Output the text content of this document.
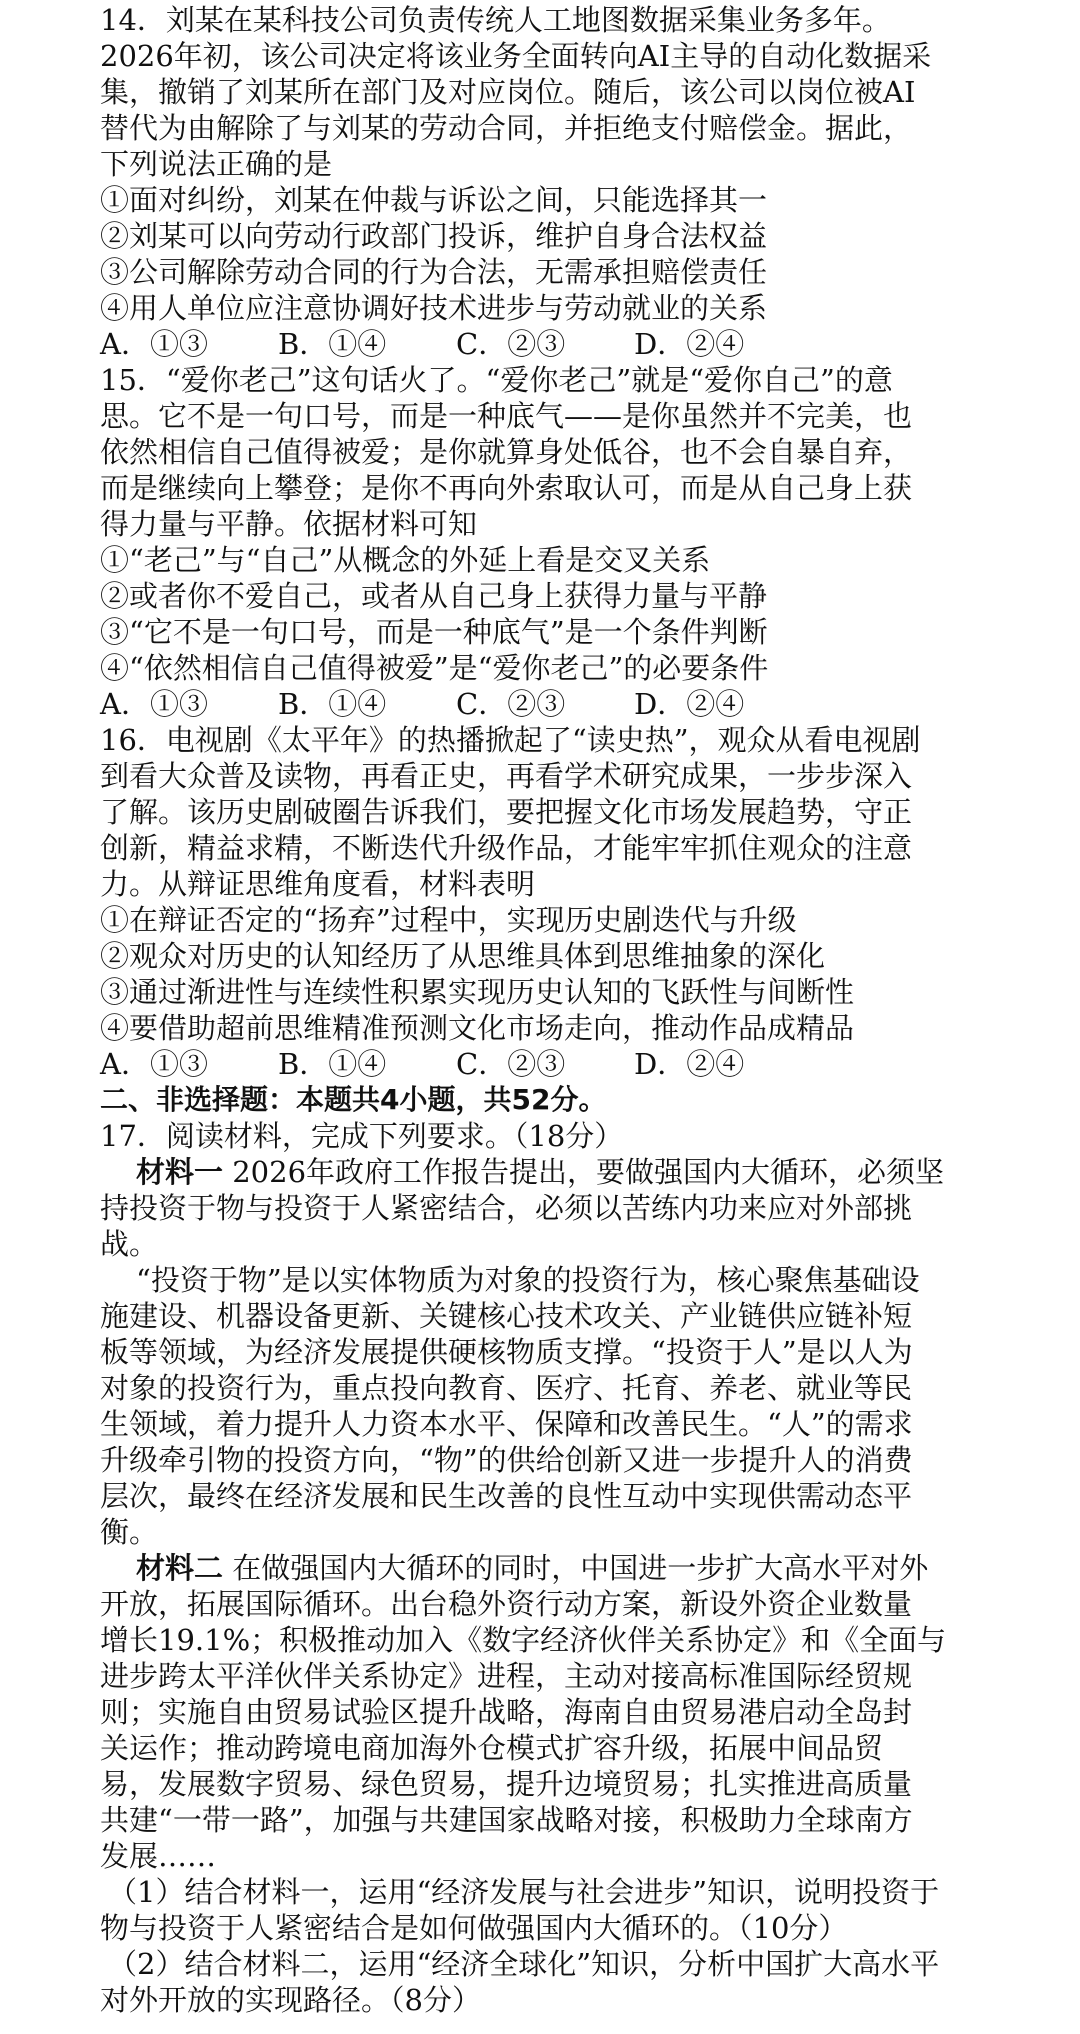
14．刘某在某科技公司负责传统人工地图数据采集业务多年。
2026年初，该公司决定将该业务全面转向AI主导的自动化数据采
集，撤销了刘某所在部门及对应岗位。随后，该公司以岗位被AI
替代为由解除了与刘某的劳动合同，并拒绝支付赔偿金。据此，
下列说法正确的是
①面对纠纷，刘某在仲裁与诉讼之间，只能选择其一
②刘某可以向劳动行政部门投诉，维护自身合法权益
③公司解除劳动合同的行为合法，无需承担赔偿责任
④用人单位应注意协调好技术进步与劳动就业的关系
A．①③ B．①④ C．②③ D．②④
15．“爱你老己”这句话火了。“爱你老己”就是“爱你自己”的意
思。它不是一句口号，而是一种底气——是你虽然并不完美，也
依然相信自己值得被爱；是你就算身处低谷，也不会自暴自弃，
而是继续向上攀登；是你不再向外索取认可，而是从自己身上获
得力量与平静。依据材料可知
①“老己”与“自己”从概念的外延上看是交叉关系
②或者你不爱自己，或者从自己身上获得力量与平静
③“它不是一句口号，而是一种底气”是一个条件判断
④“依然相信自己值得被爱”是“爱你老己”的必要条件
A．①③ B．①④ C．②③ D．②④
16．电视剧《太平年》的热播掀起了“读史热”，观众从看电视剧
到看大众普及读物，再看正史，再看学术研究成果，一步步深入
了解。该历史剧破圈告诉我们，要把握文化市场发展趋势，守正
创新，精益求精，不断迭代升级作品，才能牢牢抓住观众的注意
力。从辩证思维角度看，材料表明
①在辩证否定的“扬弃”过程中，实现历史剧迭代与升级
②观众对历史的认知经历了从思维具体到思维抽象的深化
③通过渐进性与连续性积累实现历史认知的飞跃性与间断性
④要借助超前思维精准预测文化市场走向，推动作品成精品
A．①③ B．①④ C．②③ D．②④
二、非选择题：本题共4小题，共52分。
17．阅读材料，完成下列要求。（18分）
材料一 2026年政府工作报告提出，要做强国内大循环，必须坚
持投资于物与投资于人紧密结合，必须以苦练内功来应对外部挑
战。
“投资于物”是以实体物质为对象的投资行为，核心聚焦基础设
施建设、机器设备更新、关键核心技术攻关、产业链供应链补短
板等领域，为经济发展提供硬核物质支撑。“投资于人”是以人为
对象的投资行为，重点投向教育、医疗、托育、养老、就业等民
生领域，着力提升人力资本水平、保障和改善民生。“人”的需求
升级牵引物的投资方向，“物”的供给创新又进一步提升人的消费
层次，最终在经济发展和民生改善的良性互动中实现供需动态平
衡。
材料二 在做强国内大循环的同时，中国进一步扩大高水平对外
开放，拓展国际循环。出台稳外资行动方案，新设外资企业数量
增长19.1%；积极推动加入《数字经济伙伴关系协定》和《全面与
进步跨太平洋伙伴关系协定》进程，主动对接高标准国际经贸规
则；实施自由贸易试验区提升战略，海南自由贸易港启动全岛封
关运作；推动跨境电商加海外仓模式扩容升级，拓展中间品贸
易，发展数字贸易、绿色贸易，提升边境贸易；扎实推进高质量
共建“一带一路”，加强与共建国家战略对接，积极助力全球南方
发展……
（1）结合材料一，运用“经济发展与社会进步”知识，说明投资于
物与投资于人紧密结合是如何做强国内大循环的。（10分）
（2）结合材料二，运用“经济全球化”知识，分析中国扩大高水平
对外开放的实现路径。（8分）
